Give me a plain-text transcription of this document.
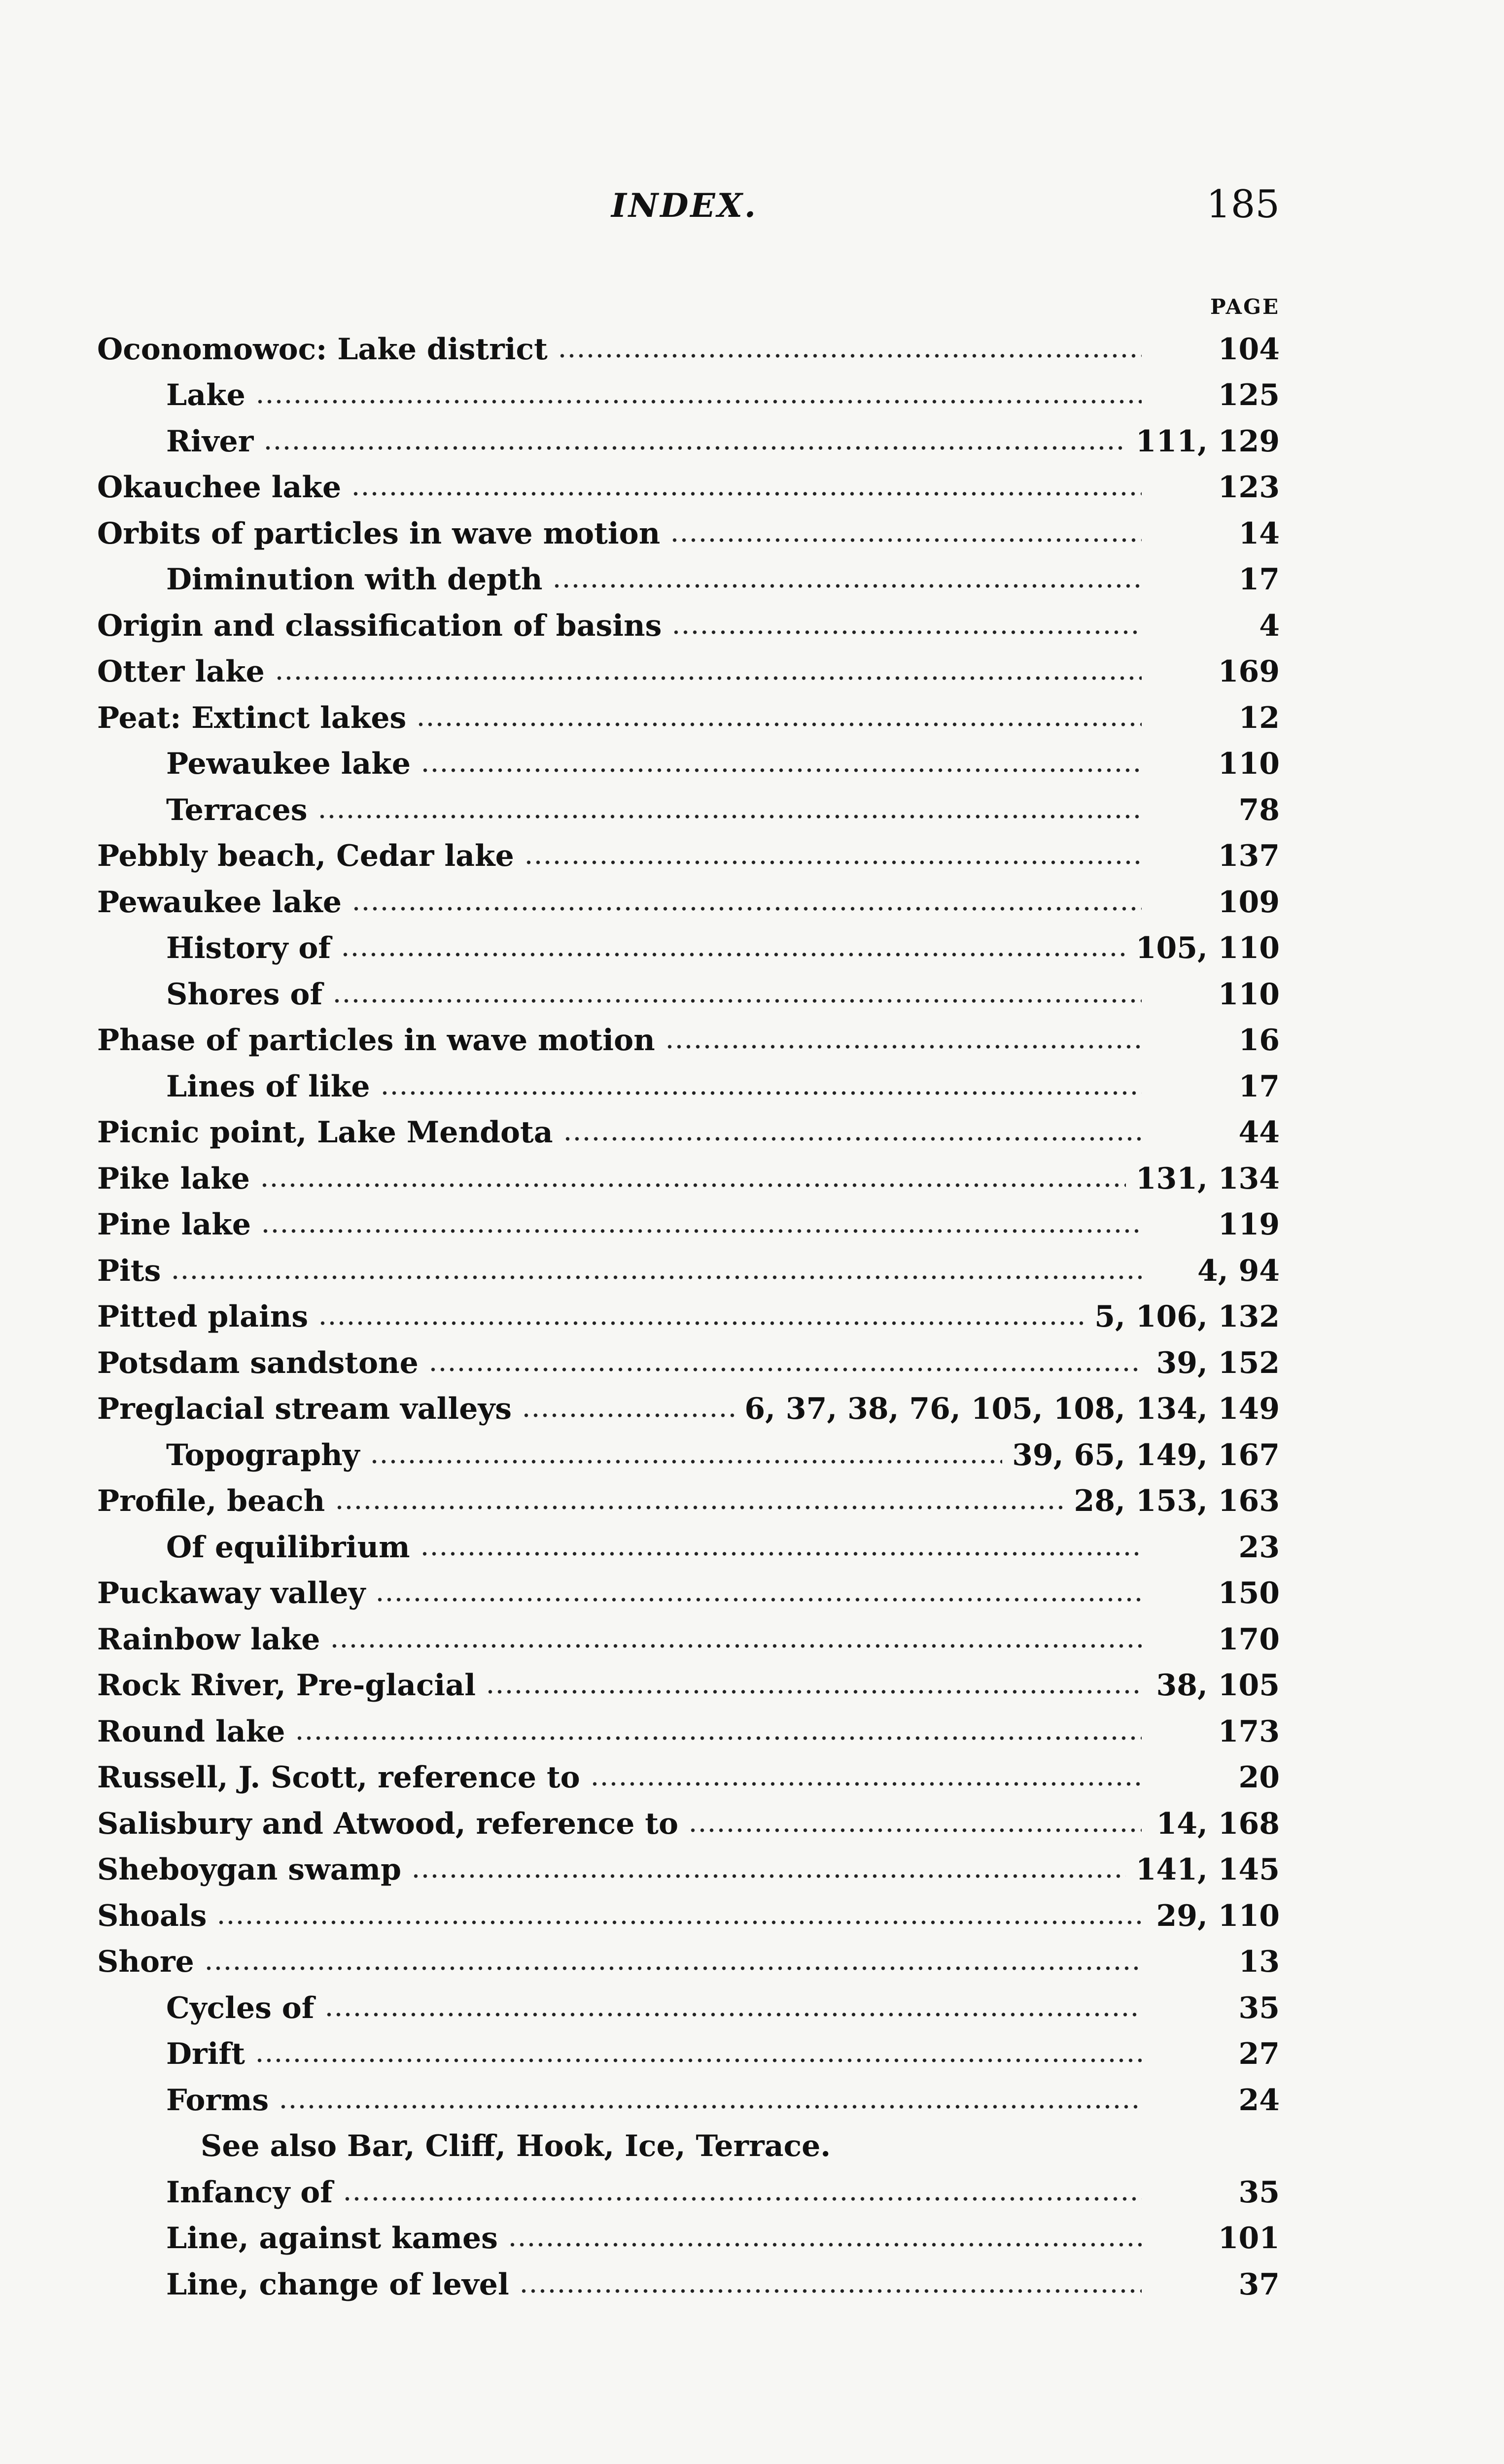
INDEX.	185
PAGE
Oconomowoc: Lake district	104
Lake	125
River	111, 129
Okauchee lake	123
Orbits of particles in wave motion	14
Diminution with depth	17
Origin and classification of basins	4
Otter lake	169
Peat: Extinct lakes	12
Pewaukee lake	110
Terraces	78
Pebbly beach, Cedar lake	137
Pewaukee lake	109
History of	105, 110
Shores of	110
Phase of particles in wave motion	16
Lines of like	17
Picnic point, Lake Mendota	44
Pike lake	131, 134
Pine lake	119
Pits	4, 94
Pitted plains	5, 106, 132
Potsdam sandstone	39, 152
Preglacial stream valleys	6, 37, 38, 76, 105, 108, 134, 149
Topography	39, 65, 149, 167
Profile, beach	28, 153, 163
Of equilibrium	23
Puckaway valley	150
Rainbow lake	170
Rock River, Pre-glacial	38, 105
Round lake	173
Russell, J. Scott, reference to	20
Salisbury and Atwood, reference to	14, 168
Sheboygan swamp	141, 145
Shoals	29, 110
Shore	13
Cycles of	35
Drift	27
Forms	24
See also Bar, Cliff, Hook, Ice, Terrace.
Infancy of	35
Line, against kames	101
Line, change of level	37
